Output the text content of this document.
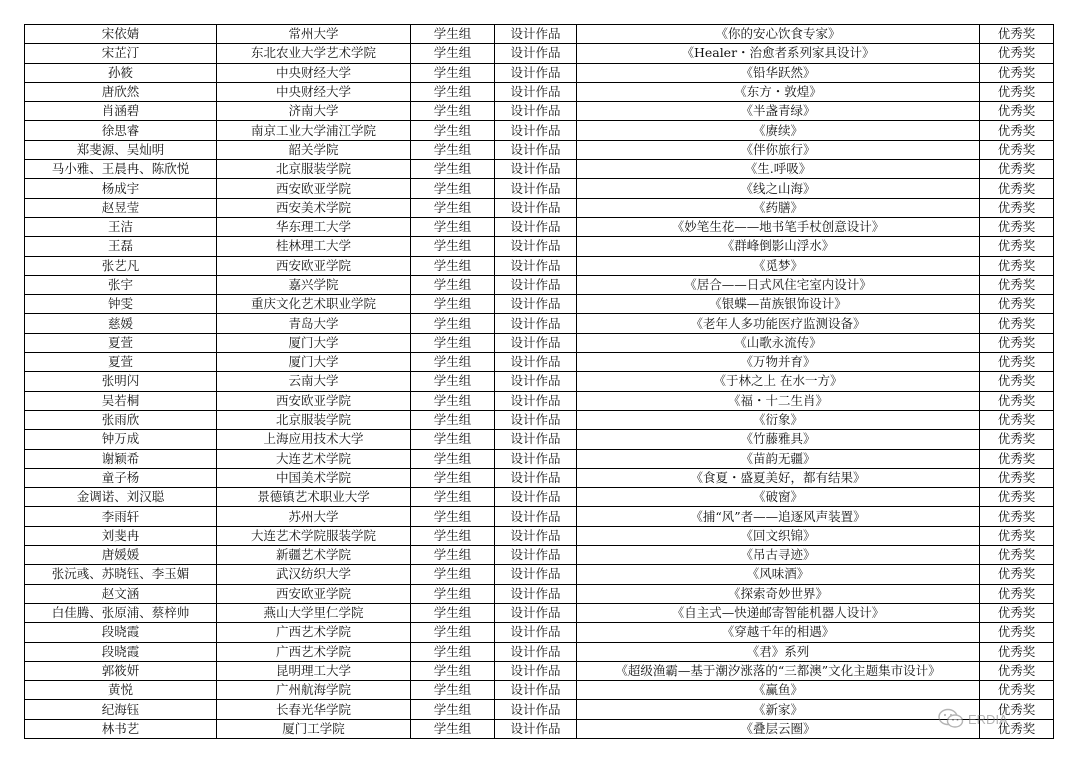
宋依婧	常州大学	学生组	设计作品	《你的安心饮食专家》	优秀奖
宋芷汀	东北农业大学艺术学院	学生组	设计作品	《Healer・治愈者系列家具设计》	优秀奖
孙筱	中央财经大学	学生组	设计作品	《铅华跃然》	优秀奖
唐欣然	中央财经大学	学生组	设计作品	《东方・敦煌》	优秀奖
肖涵碧	济南大学	学生组	设计作品	《半盏青绿》	优秀奖
徐思睿	南京工业大学浦江学院	学生组	设计作品	《赓续》	优秀奖
郑斐源、吴灿明	韶关学院	学生组	设计作品	《伴你旅行》	优秀奖
马小雅、王晨冉、陈欣悦	北京服装学院	学生组	设计作品	《生.呼吸》	优秀奖
杨成宇	西安欧亚学院	学生组	设计作品	《线之山海》	优秀奖
赵昱莹	西安美术学院	学生组	设计作品	《药膳》	优秀奖
王洁	华东理工大学	学生组	设计作品	《妙笔生花——地书笔手杖创意设计》	优秀奖
王磊	桂林理工大学	学生组	设计作品	《群峰倒影山浮水》	优秀奖
张艺凡	西安欧亚学院	学生组	设计作品	《觅梦》	优秀奖
张宇	嘉兴学院	学生组	设计作品	《居合——日式风住宅室内设计》	优秀奖
钟雯	重庆文化艺术职业学院	学生组	设计作品	《银蝶—苗族银饰设计》	优秀奖
慈媛	青岛大学	学生组	设计作品	《老年人多功能医疗监测设备》	优秀奖
夏萱	厦门大学	学生组	设计作品	《山歌永流传》	优秀奖
夏萱	厦门大学	学生组	设计作品	《万物并育》	优秀奖
张明闪	云南大学	学生组	设计作品	《于林之上 在水一方》	优秀奖
吴若桐	西安欧亚学院	学生组	设计作品	《福・十二生肖》	优秀奖
张雨欣	北京服装学院	学生组	设计作品	《衍象》	优秀奖
钟万成	上海应用技术大学	学生组	设计作品	《竹藤雅具》	优秀奖
谢颖希	大连艺术学院	学生组	设计作品	《苗韵无疆》	优秀奖
童子杨	中国美术学院	学生组	设计作品	《食夏・盛夏美好，都有结果》	优秀奖
金调诺、刘汉聪	景德镇艺术职业大学	学生组	设计作品	《破窗》	优秀奖
李雨轩	苏州大学	学生组	设计作品	《捕“风”者——追逐风声装置》	优秀奖
刘斐冉	大连艺术学院服装学院	学生组	设计作品	《回文织锦》	优秀奖
唐媛媛	新疆艺术学院	学生组	设计作品	《吊古寻迹》	优秀奖
张沅彧、苏晓钰、李玉媚	武汉纺织大学	学生组	设计作品	《风味酒》	优秀奖
赵文涵	西安欧亚学院	学生组	设计作品	《探索奇妙世界》	优秀奖
白佳腾、张原浦、蔡梓帅	燕山大学里仁学院	学生组	设计作品	《自主式—快递邮寄智能机器人设计》	优秀奖
段晓霞	广西艺术学院	学生组	设计作品	《穿越千年的相遇》	优秀奖
段晓霞	广西艺术学院	学生组	设计作品	《君》系列	优秀奖
郭筱妍	昆明理工大学	学生组	设计作品	《超级渔霸—基于潮汐涨落的“三都澳”文化主题集市设计》	优秀奖
黄悦	广州航海学院	学生组	设计作品	《赢鱼》	优秀奖
纪海钰	长春光华学院	学生组	设计作品	《新家》	优秀奖
林书艺	厦门工学院	学生组	设计作品	《叠层云圈》	优秀奖
ERDIA
